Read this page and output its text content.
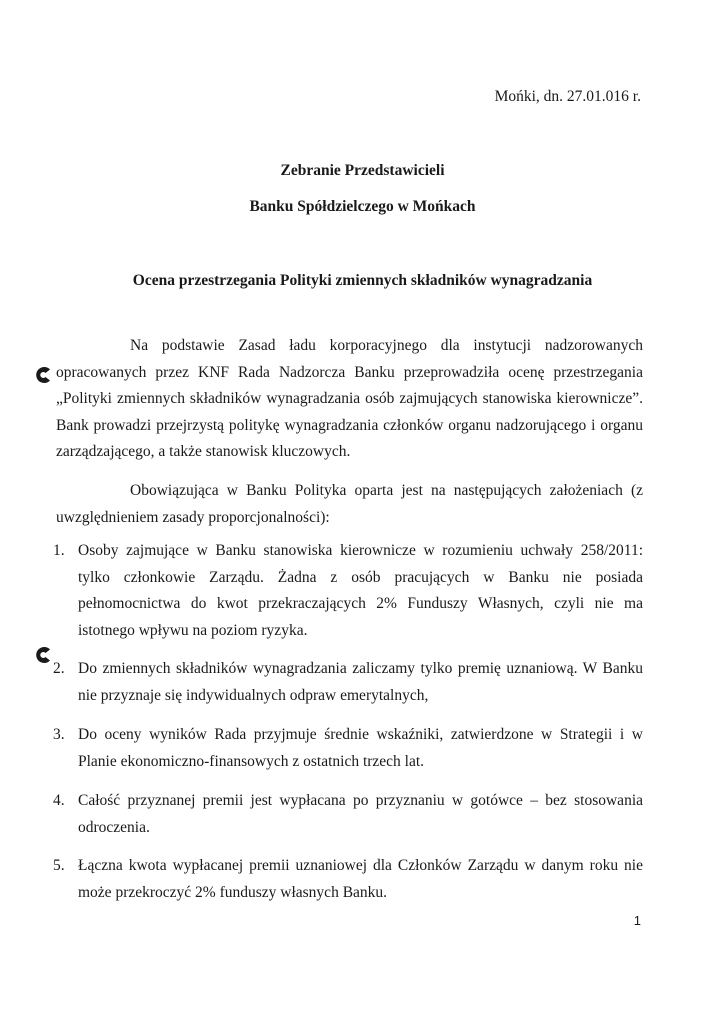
Mońki, dn. 27.01.016 r.
Zebranie Przedstawicieli
Banku Spółdzielczego w Mońkach
Ocena przestrzegania Polityki zmiennych składników wynagradzania

Na podstawie Zasad ładu korporacyjnego dla instytucji nadzorowanych opracowanych przez KNF Rada Nadzorcza Banku przeprowadziła ocenę przestrzegania „Polityki zmiennych składników wynagradzania osób zajmujących stanowiska kierownicze”. Bank prowadzi przejrzystą politykę wynagradzania członków organu nadzorującego i organu zarządzającego, a także stanowisk kluczowych.

Obowiązująca w Banku Polityka oparta jest na następujących założeniach (z uwzględnieniem zasady proporcjonalności):

1. Osoby zajmujące w Banku stanowiska kierownicze w rozumieniu uchwały 258/2011: tylko członkowie Zarządu. Żadna z osób pracujących w Banku nie posiada pełnomocnictwa do kwot przekraczających 2% Funduszy Własnych, czyli nie ma istotnego wpływu na poziom ryzyka.
2. Do zmiennych składników wynagradzania zaliczamy tylko premię uznaniową. W Banku nie przyznaje się indywidualnych odpraw emerytalnych,
3. Do oceny wyników Rada przyjmuje średnie wskaźniki, zatwierdzone w Strategii i w Planie ekonomiczno-finansowych z ostatnich trzech lat.
4. Całość przyznanej premii jest wypłacana po przyznaniu w gotówce – bez stosowania odroczenia.
5. Łączna kwota wypłacanej premii uznaniowej dla Członków Zarządu w danym roku nie może przekroczyć 2% funduszy własnych Banku.
1
